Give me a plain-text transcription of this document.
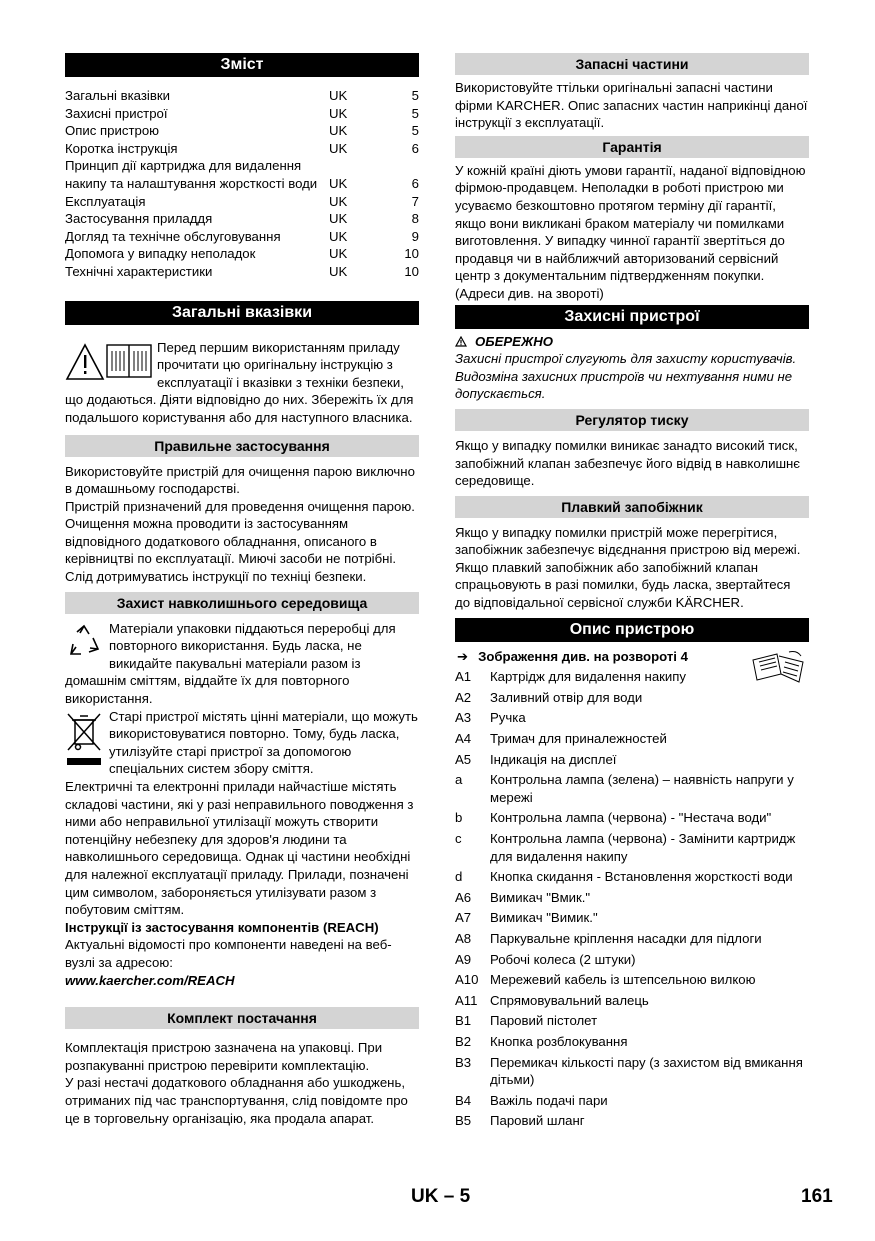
Зміст
Загальні вказівки	UK	5
Захисні пристрої	UK	5
Опис пристрою	UK	5
Коротка інструкція	UK	6
Принцип дії картриджа для видалення накипу та налаштування жорсткості води UK	6
Експлуатація	UK	7
Застосування приладдя	UK	8
Догляд та технічне обслуговування	UK	9
Допомога у випадку неполадок	UK	10
Технічні характеристики	UK	10
Загальні вказівки

Перед першим використанням приладу прочитати цю оригінальну інструкцію з експлуатації і вказівки з техніки безпеки, що додаються. Діяти відповідно до них. Збережіть їх для подальшого користування або для наступного власника.

Правильне застосування

Використовуйте пристрій для очищення парою виключно в домашньому господарстві.

Пристрій призначений для проведення очищення парою. Очищення можна проводити із застосуванням відповідного додаткового обладнання, описаного в керівництві по експлуатації. Миючі засоби не потрібні. Слід дотримуватись інструкції по техніці безпеки.

Захист навколишнього середовища

Матеріали упаковки піддаються переробці для повторного використання. Будь ласка, не викидайте пакувальні матеріали разом із домашнім сміттям, віддайте їх для повторного використання.

Старі пристрої містять цінні матеріали, що можуть використовуватися повторно. Тому, будь ласка, утилізуйте старі пристрої за допомогою спеціальних систем збору сміття.

Електричні та електронні прилади найчастіше містять складові частини, які у разі неправильного поводження з ними або неправильної утилізації можуть створити потенційну небезпеку для здоров'я людини та навколишнього середовища. Однак ці частини необхідні для належної експлуатації приладу. Прилади, позначені цим символом, забороняється утилізувати разом з побутовим сміттям.

Інструкції із застосування компонентів (REACH)

Актуальні відомості про компоненти наведені на веб-вузлі за адресою:

www.kaercher.com/REACH

Комплект постачання

Комплектація пристрою зазначена на упаковці. При розпакуванні пристрою перевірити комплектацію.

У разі нестачі додаткового обладнання або ушкоджень, отриманих під час транспортування, слід повідомте про це в торговельну організацію, яка продала апарат.

Запасні частини

Використовуйте ттільки оригінальні запасні частини фірми KARCHER. Опис запасних частин наприкінці даної інструкції з експлуатації.

Гарантія

У кожній країні діють умови гарантії, наданої відповідною фірмою-продавцем. Неполадки в роботі пристрою ми усуваємо безкоштовно протягом терміну дії гарантії, якщо вони викликані браком матеріалу чи помилками виготовлення. У випадку чинної гарантії звертіться до продавця чи в найближчий авторизований сервісний центр з документальним підтвердженням покупки.

(Адреси див. на звороті)

Захисні пристрої

ОБЕРЕЖНО

Захисні пристрої слугують для захисту користувачів. Видозміна захисних пристроїв чи нехтування ними не допускається.

Регулятор тиску

Якщо у випадку помилки виникає занадто високий тиск, запобіжний клапан забезпечує його відвід в навколишнє середовище.

Плавкий запобіжник

Якщо у випадку помилки пристрій може перегрітися, запобіжник забезпечує відєднання пристрою від мережі.

Якщо плавкий запобіжник або запобіжний клапан спрацьовують в разі помилки, будь ласка, звертайтеся до відповідальної сервісної служби KÄRCHER.

Опис пристрою

➔ Зображення див. на розвороті 4

A1	Картрідж для видалення накипу
A2	Заливний отвір для води
A3	Ручка
A4	Тримач для приналежностей
A5	Індикація на дисплеї
a	Контрольна лампа (зелена) – наявність напруги у мережі
b	Контрольна лампа (червона) - "Нестача води"
c	Контрольна лампа (червона) - Замінити картридж для видалення накипу
d	Кнопка скидання - Встановлення жорсткості води
A6	Вимикач "Вмик."
A7	Вимикач "Вимик."
A8	Паркувальне кріплення насадки для підлоги
A9	Робочі колеса (2 штуки)
A10 Мережевий кабель із штепсельною вилкою
A11 Спрямовувальний валець
B1	Паровий пістолет
B2	Кнопка розблокування
B3	Перемикач кількості пару (з захистом від вмикання дітьми)
B4	Важіль подачі пари
B5	Паровий шланг
UK – 5	161
